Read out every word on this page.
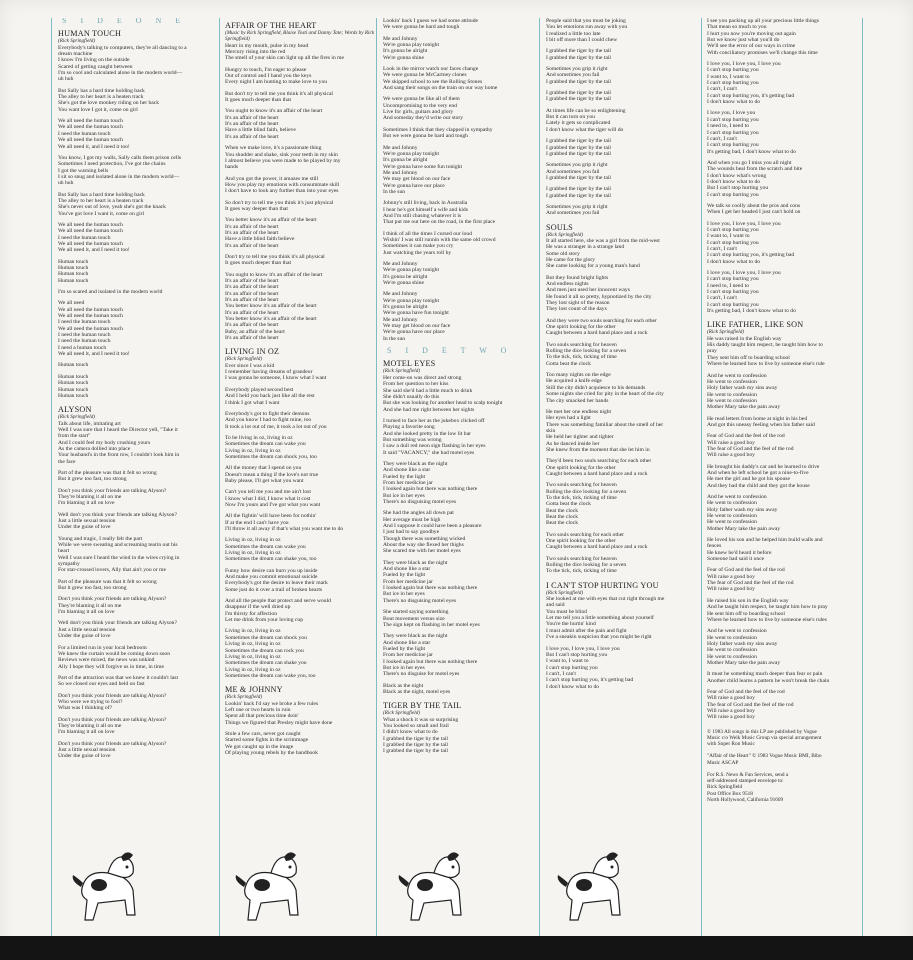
S I D E O N E
HUMAN TOUCH
(Rick Springfield)
Everybody's talking to computers, they're all dancing to a
dream machine
I know I'm living on the outside
Scared of getting caught between
I'm so cool and calculated alone in the modern world—
uh huh
But Sally has a hard time holding back
The alley to her heart is a beaten track
She's got the love monkey riding on her back
You want love I got it, come on girl
We all need the human touch
We all need the human touch
I need the human touch
We all need the human touch
We all need it, and I need it too!
You know, I got my walls, Sally calls them prison cells
Sometimes I need protection, I've got the chains
I got the warning bells
I sit so snug and isolated alone in the modern world—
uh huh
But Sally has a hard time holding back
The alley to her heart is a beaten track
She's never out of love, yeah she's got the knack
You've got love I want it, come on girl
We all need the human touch
We all need the human touch
I need the human touch
We all need the human touch
We all need it, and I need it too!
Human touch
Human touch
Human touch
Human touch
I'm so scared and isolated in the modern world
We all need
We all need the human touch
We all need the human touch
I need the human touch
We all need the human touch
I need the human touch
I need the human touch
I need a human touch
We all need it, and I need it too!
Human touch
Human touch
Human touch
Human touch
Human touch
ALYSON
(Rick Springfield)
Talk about life, imitating art
Well I was sure that I heard the Director yell, "Take it
from the start"
And I could feel my body crushing yours
As the camera dollied into place
Your husband's in the front row, I couldn't look him in
the face
Part of the pleasure was that it felt so wrong
But it grew too fast, too strong
Don't you think your friends are talking Alyson?
They're blaming it all on me
I'm blaming it all on love
Well don't you think your friends are talking Alyson?
Just a little sexual tension
Under the guise of love
Young and tragic, I really felt the part
While we were sweating and screaming tearin out his
heart
Well I was sure I heard the wind in the wires crying in
sympathy
For star-crossed lovers, Ally that ain't you or me
Part of the pleasure was that it felt so wrong
But it grew too fast, too strong
Don't you think your friends are talking Alyson?
They're blaming it all on me
I'm blaming it all on love
Well don't you think your friends are talking Alyson?
Just a little sexual tension
Under the guise of love
For a limited run in your local bedroom
We knew the curtain would be coming down soon
Reviews were mixed, the news was unkind
Ally I hope they will forgive us in time, in time
Part of the attraction was that we knew it couldn't last
So we closed our eyes and held on fast
Don't you think your friends are talking Alyson?
Who were we trying to fool?
What was I thinking of?
Don't you think your friends are talking Alyson?
They're blaming it all on me
I'm blaming it all on love
Don't you think your friends are talking Alyson?
Just a little sexual tension
Under the guise of love
AFFAIR OF THE HEART
(Music by Rick Springfield, Blaise Tosti and Danny Tate; Words by Rick Springfield)
Heart in my mouth, pulse in my head
Mercury rising into the red
The smell of your skin can light up all the fires in me
Hungry to touch, I'm eager to please
Out of control and I hand you the keys
Every night I am hunting to make love to you
But don't try to tell me you think it's all physical
It goes much deeper than that
You ought to know it's an affair of the heart
It's an affair of the heart
It's an affair of the heart
Have a little blind faith, believe
It's an affair of the heart
When we make love, it's a passionate thing
You shudder and shake, sink your teeth in my skin
I almost believe you were made to be played by my
hands
And you got the power, it amazes me still
How you play my emotions with consummate skill
I don't have to look any further than into your eyes
So don't try to tell me you think it's just physical
It goes way deeper than that
You better know it's an affair of the heart
It's an affair of the heart
It's an affair of the heart
Have a little blind faith believe
It's an affair of the heart
Don't try to tell me you think it's all physical
It goes much deeper than that
You ought to know it's an affair of the heart
It's an affair of the heart
It's an affair of the heart
It's an affair of the heart
It's an affair of the heart
You better know it's an affair of the heart
It's an affair of the heart
You better know it's an affair of the heart
It's an affair of the heart
Baby, an affair of the heart
It's an affair of the heart
LIVING IN OZ
(Rick Springfield)
Ever since I was a kid
I remember having dreams of grandeur
I was gonna be someone, I know what I want
Everybody played second best
And I held you back just like all the rest
I think I got what I want
Everybody's got to fight their demons
And you know I had to fight mine, too
It took a lot out of me, it took a lot out of you
To be living in oz, living in oz
Sometimes the dream can wake you
Living in oz, living in oz
Sometimes the dream can shock you, too
All the money that I spend on you
Doesn't mean a thing if the love's not true
Baby please, I'll get what you want
Can't you tell me you and me ain't lost
I know what I did, I know what it cost
Now I'm yours and I've got what you want
All the fightin' will have been for nothin'
If at the end I can't have you
I'll throw it all away if that's what you want me to do
Living in oz, living in oz
Sometimes the dream can wake you
Living in oz, living in oz
Sometimes the dream can shake you, too
Funny how desire can burn you up inside
And make you commit emotional suicide
Everybody's got the desire to leave their mark
Some just do it over a trail of broken hearts
And all the people that protect and serve would
disappear if the well dried up
I'm thirsty for affection
Let me drink from your loving cup
Living in oz, living in oz
Sometimes the dream can shock you
Living in oz, living in oz
Sometimes the dream can rock you
Living in oz, living in oz
Sometimes the dream can shake you
Living in oz, living in oz
Sometimes the dream can wake you, too
ME & JOHNNY
(Rick Springfield)
Lookin' back I'd say we broke a few rules
Left one or two hearts in ruin
Spent all that precious time doin'
Things we figured that Presley might have done
Stole a few cars, never got caught
Started some fights in the scrimmage
We got caught up in the image
Of playing young rebels by the handbook
Lookin' back I guess we had some attitude
We were gonna be hard and tough
Me and Johnny
We're gonna play tonight
It's gonna be alright
We're gonna shine
Look in the mirror watch our faces change
We were gonna be McCartney clones
We skipped school to see the Rolling Stones
And sang their songs on the train on our way home
We were gonna be like all of them
Uncompromising to the very end
Live for girls, guitars and glory
And someday they'd write our story
Sometimes I think that they clapped in sympathy
But we were gonna be hard and tough
Me and Johnny
We're gonna play tonight
It's gonna be alright
We're gonna have some fun tonight
Me and Johnny
We may get blood on our face
We're gonna have our place
In the sun
Johnny's still living, back in Australia
I hear he's got himself a wife and kids
And I'm still chasing whatever it is
That put me out here on the road, in the first place
I think of all the times I cursed our loud
Wishin' I was still runnin with the same old crowd
Sometimes it can make you cry
Just watching the years roll by
Me and Johnny
We're gonna play tonight
It's gonna be alright
We're gonna shine
Me and Johnny
We're gonna play tonight
It's gonna be alright
We're gonna have fun tonight
Me and Johnny
We may get blood on our face
We're gonna have our place
In the sun
S I D E T W O
MOTEL EYES
(Rick Springfield)
Her come-on was direct and strong
From her question to her kiss
She said she'd had a little much to drink
She didn't usually do this
But she was looking for another head to scalp tonight
And she had me right between her sights
I turned to face her as the jukebox clicked off
Playing a favorite song
And she looked pretty in the low lit bar
But something was wrong
I saw a dull red neon sign flashing in her eyes
It said "VACANCY," she had motel eyes
They were black as the night
And shone like a star
Fueled by the light
From her medicine jar
I looked again but there was nothing there
But ice in her eyes
There's no disguising motel eyes
She had the angles all down pat
Her average must be high
And I suppose it could have been a pleasure
I just had to say goodbye
Though there was something wicked
About the way she flexed her thighs
She scared me with her motel eyes
They were black as the night
And shone like a star
Fueled by the light
From her medicine jar
I looked again but there was nothing there
But ice in her eyes
There's no disguising motel eyes
She started saying something
Bout movement versus size
The sign kept on flashing in her motel eyes
They were black as the night
And shone like a star
Fueled by the light
From her medicine jar
I looked again but there was nothing there
But ice in her eyes
There's no disguise for motel eyes
Black as the night
Black as the night, motel eyes
TIGER BY THE TAIL
(Rick Springfield)
What a shock it was so surprising
You looked so small and frail
I didn't know what to do
I grabbed the tiger by the tail
I grabbed the tiger by the tail
I grabbed the tiger by the tail
People said that you must be joking
You let emotions run away with you
I realized a little too late
I bit off more than I could chew
I grabbed the tiger by the tail
I grabbed the tiger by the tail
Sometimes you grip it right
And sometimes you fail
I grabbed the tiger by the tail
I grabbed the tiger by the tail
I grabbed the tiger by the tail
At times life can be so enlightening
But it can turn on you
Lately it gets so complicated
I don't know what the tiger will do
I grabbed the tiger by the tail
I grabbed the tiger by the tail
I grabbed the tiger by the tail
Sometimes you grip it right
And sometimes you fail
I grabbed the tiger by the tail
I grabbed the tiger by the tail
I grabbed the tiger by the tail
Sometimes you grip it right
And sometimes you fail
SOULS
(Rick Springfield)
It all started here, she was a girl from the mid-west
He was a stranger in a strange land
Some old story
He came for the glory
She came looking for a young man's hand
But they found bright lights
And endless nights
And men just used her innocent ways
He found it all so pretty, hypnotized by the city
They lost sight of the reason
They lost count of the days
And they were two souls searching for each other
One spirit looking for the other
Caught between a hard hand place and a rock
Two souls searching for heaven
Rolling the dice looking for a seven
To the tick, tick, ticking of time
Gotta beat the clock
Too many nights on the edge
He acquired a knife edge
Still the city didn't acquiesce to his demands
Some nights she cried for pity in the heart of the city
The city smacked her hands
He met her one endless night
Her eyes had a light
There was something familiar about the smell of her
skin
He held her tighter and tighter
As he danced inside her
She knew from the moment that she let him in
They'd been two souls searching for each other
One spirit looking for the other
Caught between a hard hand place and a rock
Two souls searching for heaven
Rolling the dice looking for a seven
To the tick, tick, ticking of time
Gotta beat the clock
Beat the clock
Beat the clock
Beat the clock
Two souls searching for each other
One spirit looking for the other
Caught between a hard hand place and a rock
Two souls searching for heaven
Rolling the dice looking for a seven
To the tick, tick, ticking of time
I CAN'T STOP HURTING YOU
(Rick Springfield)
She looked at me with eyes that cut right through me
and said
You must be blind
Let me tell you a little something about yourself
You're the hurtin' kind
I must admit after the pain and fight
I've a sneakin suspicion that you might be right
I love you, I love you, I love you
But I can't stop hurting you
I want to, I want to
I can't stop hurting you
I can't, I can't
I can't stop hurting you, it's getting bad
I don't know what to do
I see you packing up all your precious little things
That mean so much to you
I hurt you now you're moving out again
But we know just what you'll do
We'll see the error of our ways in crime
With conciliatory promises we'll change this time
I love you, I love you, I love you
I can't stop hurting you
I want to, I want to
I can't stop hurting you
I can't, I can't
I can't stop hurting you, it's getting bad
I don't know what to do
I love you, I love you
I can't stop hurting you
I need to, I need to
I can't stop hurting you
I can't, I can't
I can't stop hurting you
It's getting bad, I don't know what to do
And when you go I miss you all night
The wounds heal from the scratch and bite
I don't know what's wrong
I don't know what to do
But I can't stop hurting you
I can't stop hurting you
We talk so coolly about the pros and cons
When I get her headed I just can't hold on
I love you, I love you, I love you
I can't stop hurting you
I want to, I want to
I can't stop hurting you
I can't, I can't
I can't stop hurting you, it's getting bad
I don't know what to do
I love you, I love you, I love you
I can't stop hurting you
I need to, I need to
I can't stop hurting you
I can't, I can't
I can't stop hurting you
It's getting bad, I don't know what to do
LIKE FATHER, LIKE SON
(Rick Springfield)
He was raised in the English way
His daddy taught him respect, he taught him how to
pray
They sent him off to boarding school
Where he learned how to live by someone else's rule
And he went to confession
He went to confession
Holy father wash my sins away
He went to confession
He went to confession
Mother Mary take the pain away
He read letters from home at night in his bed
And got this uneasy feeling when his father said
Fear of God and the feel of the rod
Will raise a good boy
The fear of God and the feel of the rod
Will raise a good boy
He brought his daddy's car and he learned to drive
And when he left school he got a nine-to-five
He met the girl and he got his spouse
And they had the child and they got the house
And he went to confession
He went to confession
Holy father wash my sins away
He went to confession
He went to confession
Mother Mary take the pain away
He loved his son and he helped him build walls and
fences
He knew he'd heard it before
Someone had said it once
Fear of God and the feel of the rod
Will raise a good boy
The fear of God and the feel of the rod
Will raise a good boy
He raised his son in the English way
And he taught him respect, he taught him how to pray
He sent him off to boarding school
Where he learned how to live by someone else's rules
And he went to confession
He went to confession
Holy father wash my sins away
He went to confession
He went to confession
Mother Mary take the pain away
It must be something much deeper than fear or pain
Another child learns a pattern he won't break the chain
Fear of God and the feel of the rod
Will raise a good boy
The fear of God and the feel of the rod
Will raise a good boy
Will raise a good boy
© 1983 All songs in this LP are published by Vogue
Music c/o Welk Music Group via special arrangement
with Super Ron Music

"Affair of the Heart" © 1983 Vogue Music BMI, Bibo
Music ASCAP

For R.S. News & Fan Services, send a
self-addressed stamped envelope to:
Rick Springfield
Post Office Box 9518
North Hollywood, California 91609
